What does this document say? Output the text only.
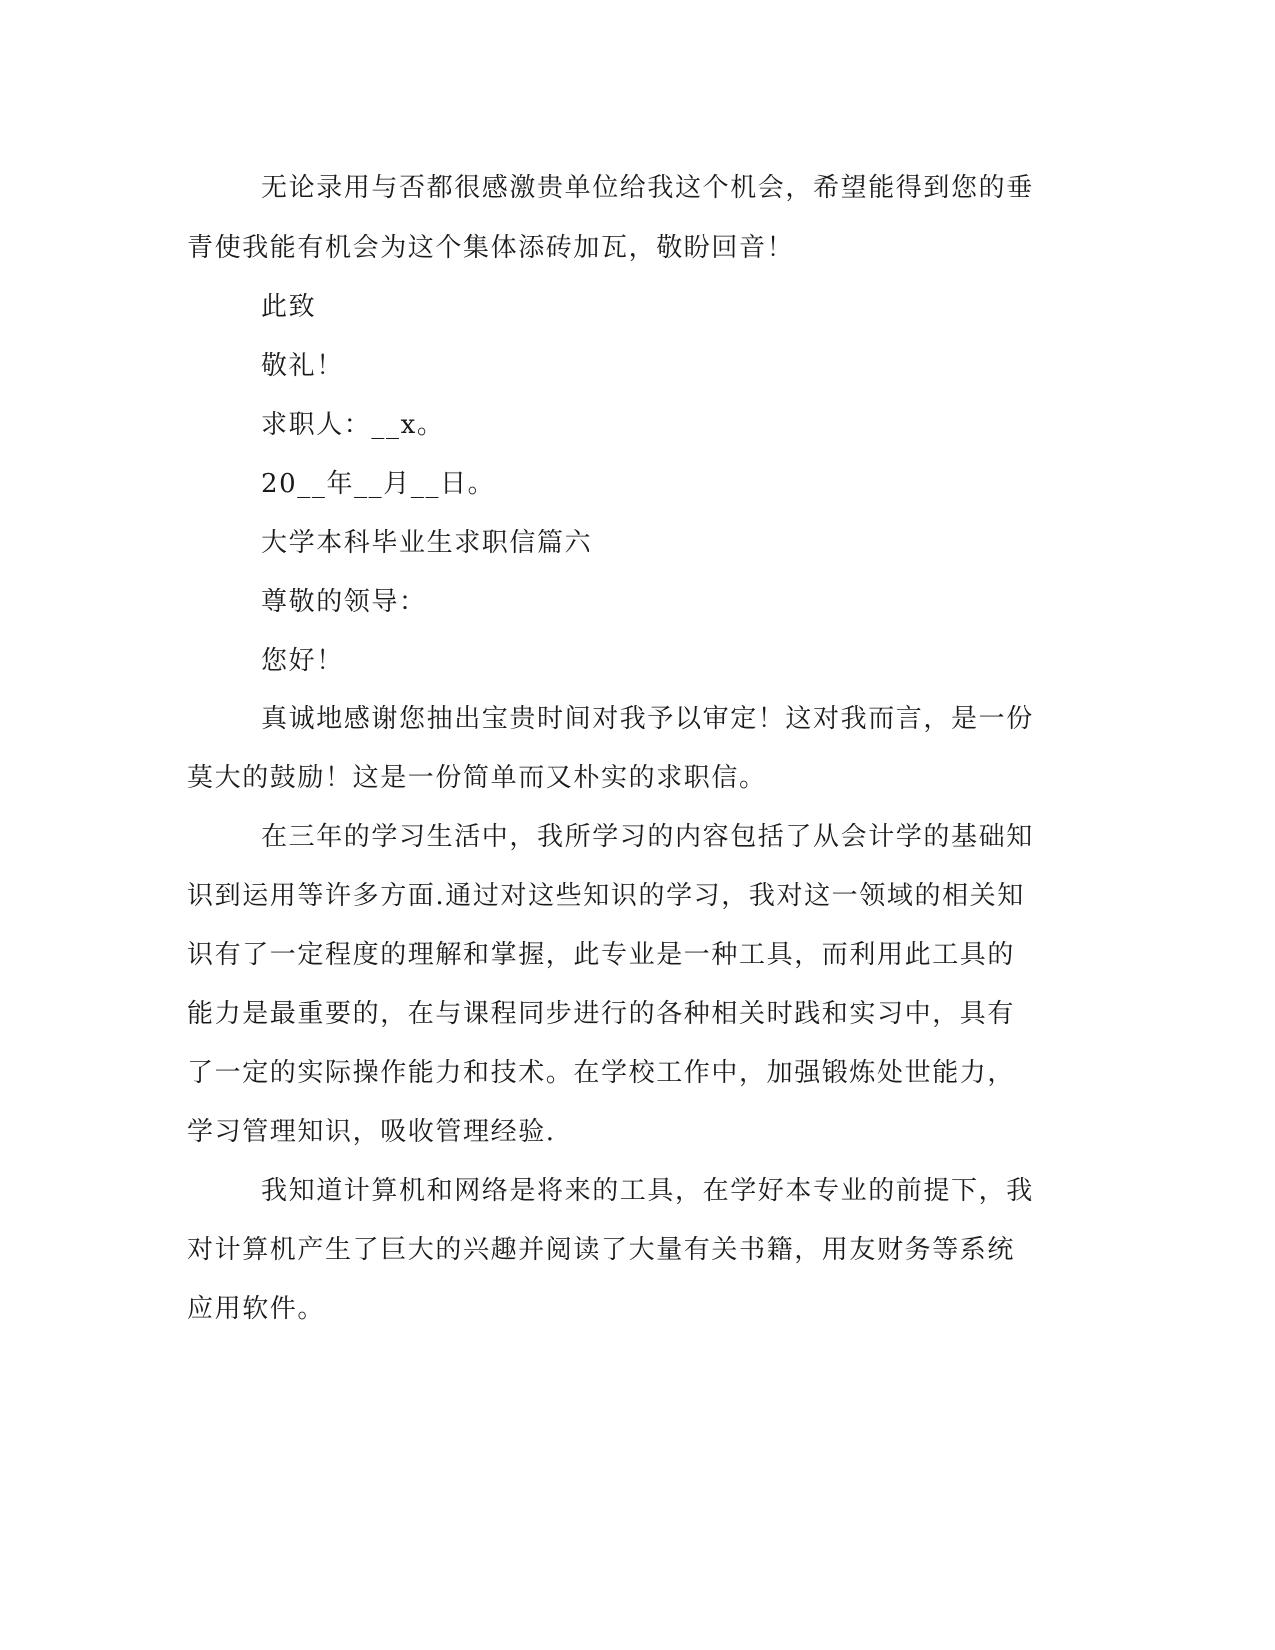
无论录用与否都很感激贵单位给我这个机会，希望能得到您的垂
青使我能有机会为这个集体添砖加瓦，敬盼回音！
此致
敬礼！
求职人：__x。
20__年__月__日。
大学本科毕业生求职信篇六
尊敬的领导：
您好！
真诚地感谢您抽出宝贵时间对我予以审定！这对我而言，是一份
莫大的鼓励！这是一份简单而又朴实的求职信。
在三年的学习生活中，我所学习的内容包括了从会计学的基础知
识到运用等许多方面.通过对这些知识的学习，我对这一领域的相关知
识有了一定程度的理解和掌握，此专业是一种工具，而利用此工具的
能力是最重要的，在与课程同步进行的各种相关时践和实习中，具有
了一定的实际操作能力和技术。在学校工作中，加强锻炼处世能力，
学习管理知识，吸收管理经验.
我知道计算机和网络是将来的工具，在学好本专业的前提下，我
对计算机产生了巨大的兴趣并阅读了大量有关书籍，用友财务等系统
应用软件。
